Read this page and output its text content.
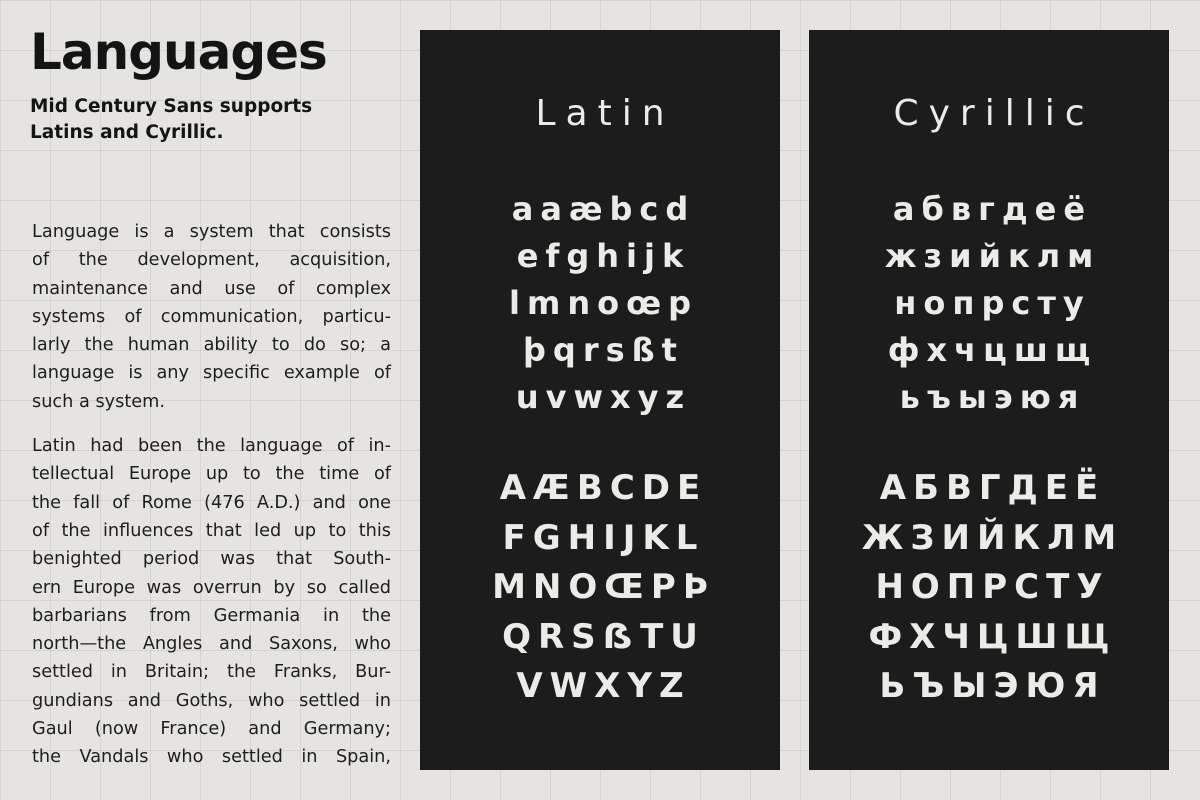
Languages

Mid Century Sans supports
Latins and Cyrillic.

Language is a system that consists
of the development, acquisition,
maintenance and use of complex
systems of communication, particu-
larly the human ability to do so; a
language is any specific example of
such a system.

Latin had been the language of in-
tellectual Europe up to the time of
the fall of Rome (476 A.D.) and one
of the influences that led up to this
benighted period was that South-
ern Europe was overrun by so called
barbarians from Germania in the
north—the Angles and Saxons, who
settled in Britain; the Franks, Bur-
gundians and Goths, who settled in
Gaul (now France) and Germany;
the Vandals who settled in Spain,

Latin
aaæbcd
efghijk
lmnoœp
þqrsßt
uvwxyz
AÆBCDE
FGHIJKL
MNOŒPÞ
QRSẞTU
VWXYZ
Cyrillic
абвгдеё
жзийклм
нопрсту
фхчцшщ
ьъыэюя
АБВГДЕЁ
ЖЗИЙКЛМ
НОПРСТУ
ФХЧЦШЩ
ЬЪЫЭЮЯ
